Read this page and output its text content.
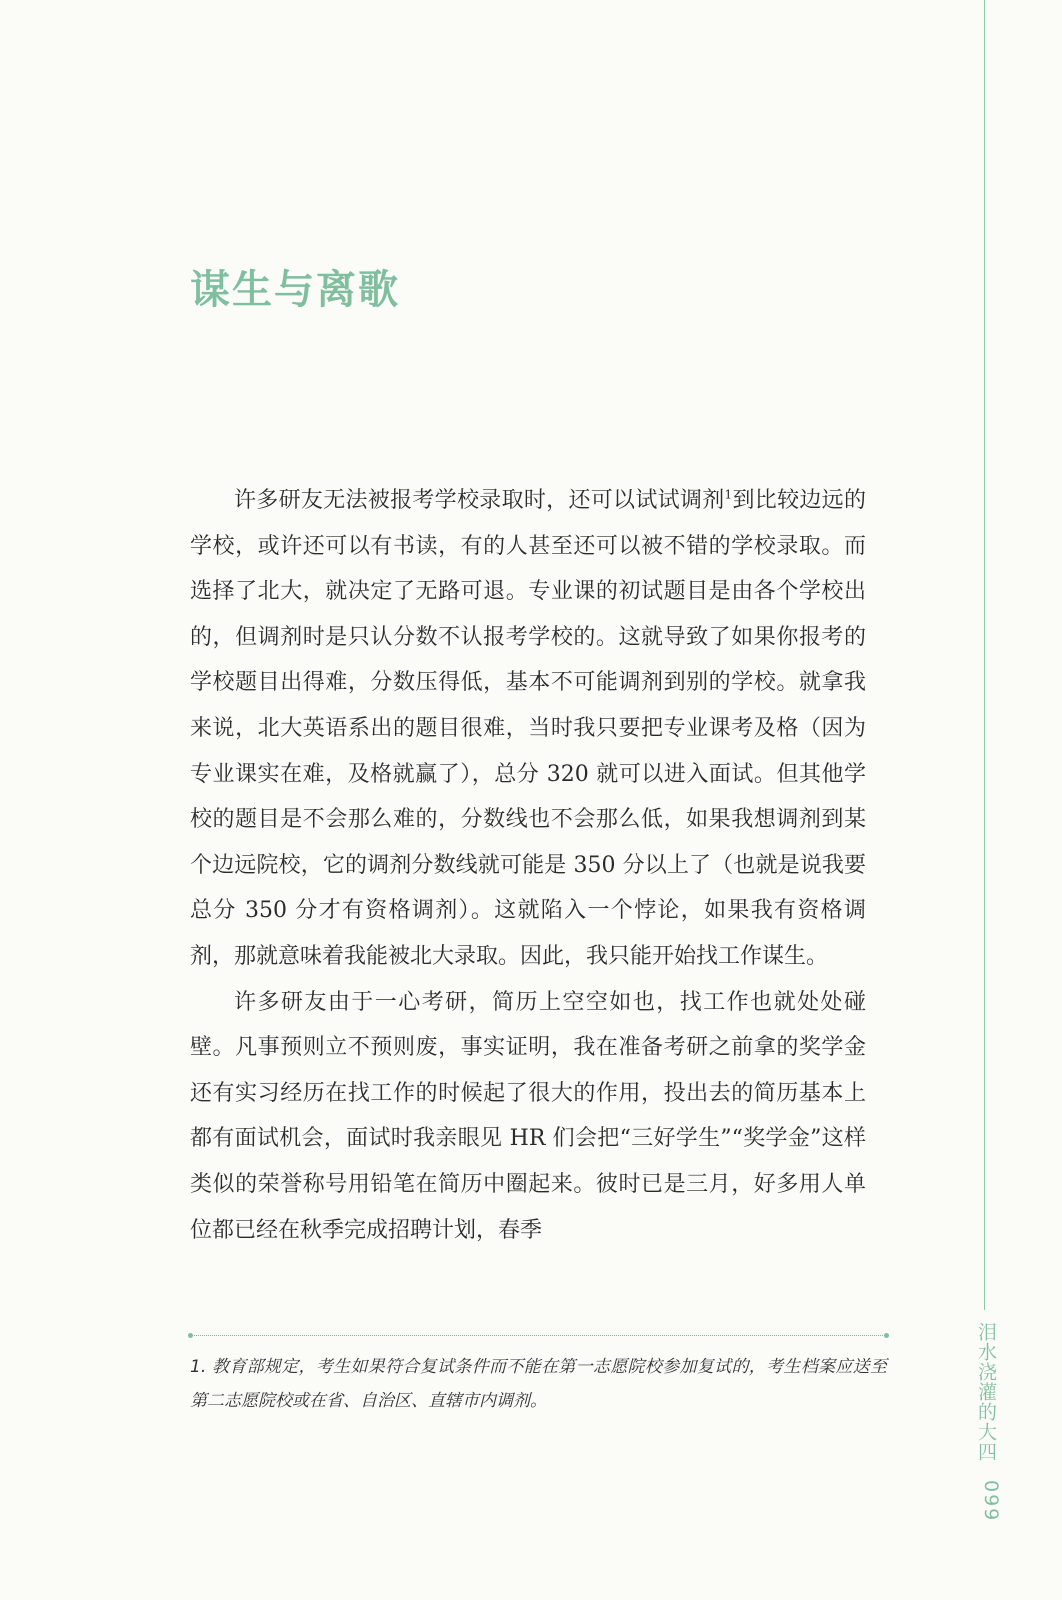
谋生与离歌

许多研友无法被报考学校录取时，还可以试试调剂$^1$到比较边远的学校，或许还可以有书读，有的人甚至还可以被不错的学校录取。而选择了北大，就决定了无路可退。专业课的初试题目是由各个学校出的，但调剂时是只认分数不认报考学校的。这就导致了如果你报考的学校题目出得难，分数压得低，基本不可能调剂到别的学校。就拿我来说，北大英语系出的题目很难，当时我只要把专业课考及格（因为专业课实在难，及格就赢了），总分 320 就可以进入面试。但其他学校的题目是不会那么难的，分数线也不会那么低，如果我想调剂到某个边远院校，它的调剂分数线就可能是 350 分以上了（也就是说我要总分 350 分才有资格调剂）。这就陷入一个悖论，如果我有资格调剂，那就意味着我能被北大录取。因此，我只能开始找工作谋生。

许多研友由于一心考研，简历上空空如也，找工作也就处处碰壁。凡事预则立不预则废，事实证明，我在准备考研之前拿的奖学金还有实习经历在找工作的时候起了很大的作用，投出去的简历基本上都有面试机会，面试时我亲眼见 HR 们会把“三好学生”“奖学金”这样类似的荣誉称号用铅笔在简历中圈起来。彼时已是三月，好多用人单位都已经在秋季完成招聘计划，春季

1. 教育部规定，考生如果符合复试条件而不能在第一志愿院校参加复试的，考生档案应送至第二志愿院校或在省、自治区、直辖市内调剂。	泪水浇灌的大四
099
